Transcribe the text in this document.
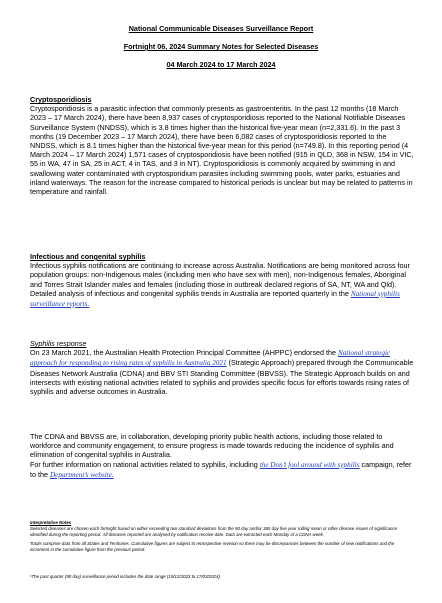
National Communicable Diseases Surveillance Report
Fortnight 06, 2024 Summary Notes for Selected Diseases
04 March 2024 to 17 March 2024
Cryptosporidiosis
Cryptosporidiosis is a parasitic infection that commonly presents as gastroenteritis. In the past 12 months (18 March 2023 – 17 March 2024), there have been 8,937 cases of cryptosporidiosis reported to the National Notifiable Diseases Surveillance System (NNDSS), which is 3.8 times higher than the historical five-year mean (n=2,331.6). In the past 3 months (19 December 2023 – 17 March 2024), there have been 6,082 cases of cryptosporidiosis reported to the NNDSS, which is 8.1 times higher than the historical five-year mean for this period (n=749.8). In this reporting period (4 March 2024 – 17 March 2024) 1,571 cases of cryptosporidiosis have been notified (915 in QLD, 368 in NSW, 154 in VIC, 55 in WA, 47 in SA, 25 in ACT, 4 in TAS, and 3 in NT). Cryptosporidiosis is commonly acquired by swimming in and swallowing water contaminated with cryptosporidium parasites including swimming pools, water parks, estuaries and inland waterways. The reason for the increase compared to historical periods is unclear but may be related to patterns in temperature and rainfall.
Infectious and congenital syphilis
Infectious syphilis notifications are continuing to increase across Australia. Notifications are being monitored across four population groups: non-Indigenous males (including men who have sex with men), non-Indigenous females, Aboriginal and Torres Strait Islander males and females (including those in outbreak declared regions of SA, NT, WA and Qld). Detailed analysis of infectious and congenital syphilis trends in Australia are reported quarterly in the National syphilis surveillance reports.
Syphilis response
On 23 March 2021, the Australian Health Protection Principal Committee (AHPPC) endorsed the National strategic approach for responding to rising rates of syphilis in Australia 2021 (Strategic Approach) prepared through the Communicable Diseases Network Australia (CDNA) and BBV STI Standing Committee (BBVSS). The Strategic Approach builds on and intersects with existing national activities related to syphilis and provides specific focus for efforts towards rising rates of syphilis and adverse outcomes in Australia.
The CDNA and BBVSS are, in collaboration, developing priority public health actions, including those related to workforce and community engagement, to ensure progress is made towards reducing the incidence of syphilis and elimination of congenital syphilis in Australia.
For further information on national activities related to syphilis, including the Don’t fool around with syphilis campaign, refer to the Department’s website.
Interpretative Notes
Selected diseases are chosen each fortnight based on either exceeding two standard deviations from the 90 day and/or 365 day five year rolling mean or other disease issues of significance identified during the reporting period. All diseases reported are analysed by notification receive date. Data are extracted each Monday of a CDNA week.
Totals comprise data from all States and Territories. Cumulative figures are subject to retrospective revision so there may be discrepancies between the number of new notifications and the increment in the cumulative figure from the previous period.
¹The past quarter (90 day) surveillance period includes the date range (19/12/2023 to 17/03/2024).
